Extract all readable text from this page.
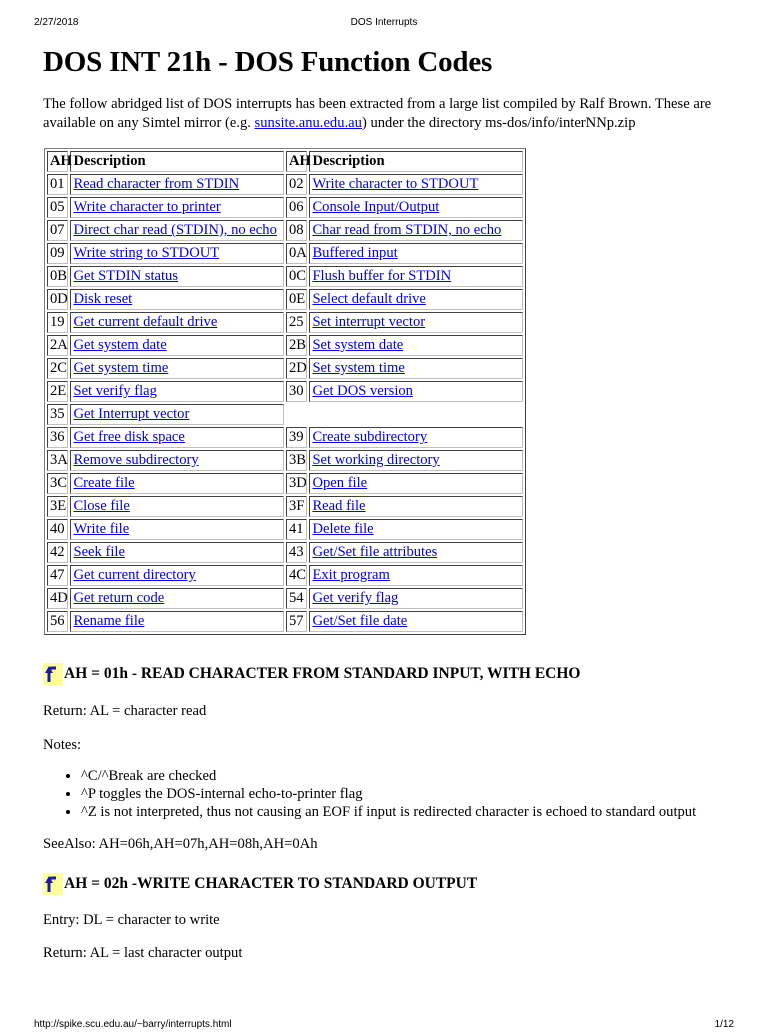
2/27/2018	DOS Interrupts
DOS INT 21h - DOS Function Codes

The follow abridged list of DOS interrupts has been extracted from a large list compiled by Ralf Brown. These are available on any Simtel mirror (e.g. sunsite.anu.edu.au) under the directory ms-dos/info/interNNp.zip

AH	Description	AH	Description
01	Read character from STDIN	02	Write character to STDOUT
05	Write character to printer	06	Console Input/Output
07	Direct char read (STDIN), no echo	08	Char read from STDIN, no echo
09	Write string to STDOUT	0A	Buffered input
0B	Get STDIN status	0C	Flush buffer for STDIN
0D	Disk reset	0E	Select default drive
19	Get current default drive	25	Set interrupt vector
2A	Get system date	2B	Set system date
2C	Get system time	2D	Set system time
2E	Set verify flag	30	Get DOS version
35	Get Interrupt vector		
36	Get free disk space	39	Create subdirectory
3A	Remove subdirectory	3B	Set working directory
3C	Create file	3D	Open file
3E	Close file	3F	Read file
40	Write file	41	Delete file
42	Seek file	43	Get/Set file attributes
47	Get current directory	4C	Exit program
4D	Get return code	54	Get verify flag
56	Rename file	57	Get/Set file date
AH = 01h - READ CHARACTER FROM STANDARD INPUT, WITH ECHO

Return: AL = character read

Notes:

• ^C/^Break are checked
• ^P toggles the DOS-internal echo-to-printer flag
• ^Z is not interpreted, thus not causing an EOF if input is redirected character is echoed to standard output

SeeAlso: AH=06h,AH=07h,AH=08h,AH=0Ah

AH = 02h -WRITE CHARACTER TO STANDARD OUTPUT

Entry: DL = character to write

Return: AL = last character output

http://spike.scu.edu.au/~barry/interrupts.html	1/12
